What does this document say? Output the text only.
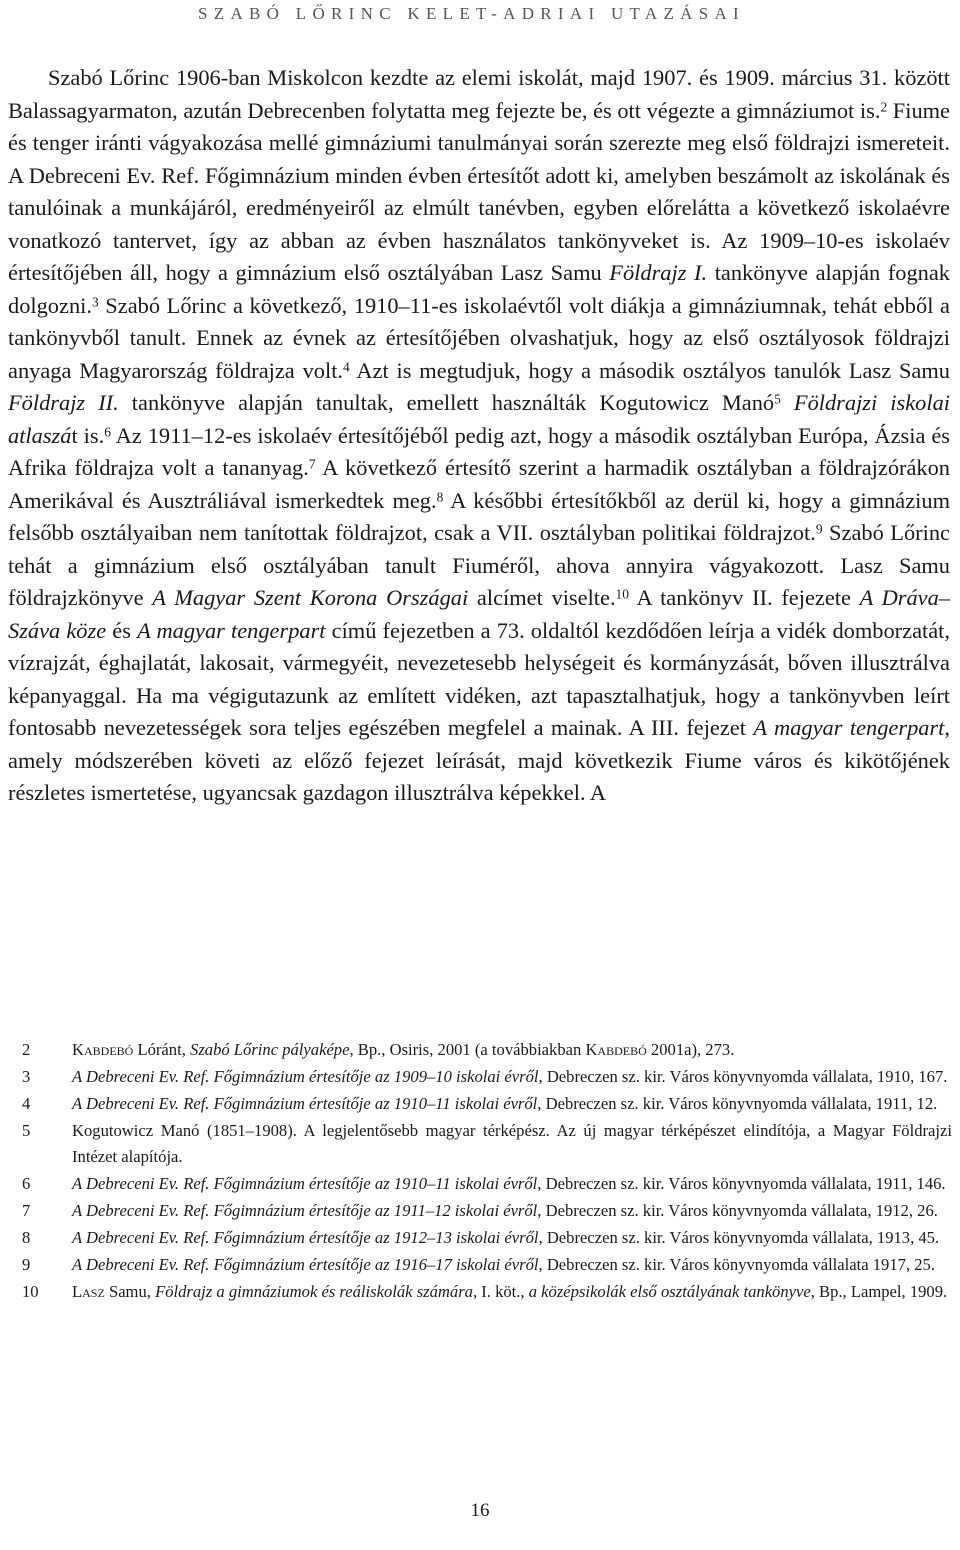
SZABÓ LŐRINC KELET-ADRIAI UTAZÁSAI

Szabó Lőrinc 1906-ban Miskolcon kezdte az elemi iskolát, majd 1907. és 1909. március 31. között Balassagyarmaton, azután Debrecenben folytatta meg fejezte be, és ott végezte a gimnáziumot is.$^2$ Fiume és tenger iránti vágyakozása mellé gimnáziumi tanulmányai során szerezte meg első földrajzi ismereteit. A Debreceni Ev. Ref. Főgimnázium minden évben értesítőt adott ki, amelyben beszámolt az iskolának és tanulóinak a munkájáról, eredményeiről az elmúlt tanévben, egyben előrelátta a következő iskolaévre vonatkozó tantervet, így az abban az évben használatos tankönyveket is. Az 1909–10-es iskolaév értesítőjében áll, hogy a gimnázium első osztályában Lasz Samu Földrajz I. tankönyve alapján fognak dolgozni.$^3$ Szabó Lőrinc a következő, 1910–11-es iskolaévtől volt diákja a gimnáziumnak, tehát ebből a tankönyvből tanult. Ennek az évnek az értesítőjében olvashatjuk, hogy az első osztályosok földrajzi anyaga Magyarország földrajza volt.$^4$ Azt is megtudjuk, hogy a második osztályos tanulók Lasz Samu Földrajz II. tankönyve alapján tanultak, emellett használták Kogutowicz Manó$^5$ Földrajzi iskolai atlaszát is.$^6$ Az 1911–12-es iskolaév értesítőjéből pedig azt, hogy a második osztályban Európa, Ázsia és Afrika földrajza volt a tananyag.$^7$ A következő értesítő szerint a harmadik osztályban a földrajzórákon Amerikával és Ausztráliával ismerkedtek meg.$^8$ A későbbi értesítőkből az derül ki, hogy a gimnázium felsőbb osztályaiban nem tanítottak földrajzot, csak a VII. osztályban politikai földrajzot.$^9$ Szabó Lőrinc tehát a gimnázium első osztályában tanult Fiuméről, ahova annyira vágyakozott. Lasz Samu földrajzkönyve A Magyar Szent Korona Országai alcímet viselte.$^{10}$ A tankönyv II. fejezete A Dráva–Száva köze és A magyar tengerpart című fejezetben a 73. oldaltól kezdődően leírja a vidék domborzatát, vízrajzát, éghajlatát, lakosait, vármegyéit, nevezetesebb helységeit és kormányzását, bőven illusztrálva képanyaggal. Ha ma végigutazunk az említett vidéken, azt tapasztalhatjuk, hogy a tankönyvben leírt fontosabb nevezetességek sora teljes egészében megfelel a mainak. A III. fejezet A magyar tengerpart, amely módszerében követi az előző fejezet leírását, majd következik Fiume város és kikötőjének részletes ismertetése, ugyancsak gazdagon illusztrálva képekkel. A

2	Kabdebó Lóránt, Szabó Lőrinc pályaképe, Bp., Osiris, 2001 (a továbbiakban Kabdebó 2001a), 273.
3	A Debreceni Ev. Ref. Főgimnázium értesítője az 1909–10 iskolai évről, Debreczen sz. kir. Város könyvnyomda vállalata, 1910, 167.
4	A Debreceni Ev. Ref. Főgimnázium értesítője az 1910–11 iskolai évről, Debreczen sz. kir. Város könyvnyomda vállalata, 1911, 12.
5	Kogutowicz Manó (1851–1908). A legjelentősebb magyar térképész. Az új magyar térképészet elindítója, a Magyar Földrajzi Intézet alapítója.
6	A Debreceni Ev. Ref. Főgimnázium értesítője az 1910–11 iskolai évről, Debreczen sz. kir. Város könyvnyomda vállalata, 1911, 146.
7	A Debreceni Ev. Ref. Főgimnázium értesítője az 1911–12 iskolai évről, Debreczen sz. kir. Város könyvnyomda vállalata, 1912, 26.
8	A Debreceni Ev. Ref. Főgimnázium értesítője az 1912–13 iskolai évről, Debreczen sz. kir. Város könyvnyomda vállalata, 1913, 45.
9	A Debreceni Ev. Ref. Főgimnázium értesítője az 1916–17 iskolai évről, Debreczen sz. kir. Város könyvnyomda vállalata 1917, 25.
10	Lasz Samu, Földrajz a gimnáziumok és reáliskolák számára, I. köt., a középsikolák első osztályának tankönyve, Bp., Lampel, 1909.
16
